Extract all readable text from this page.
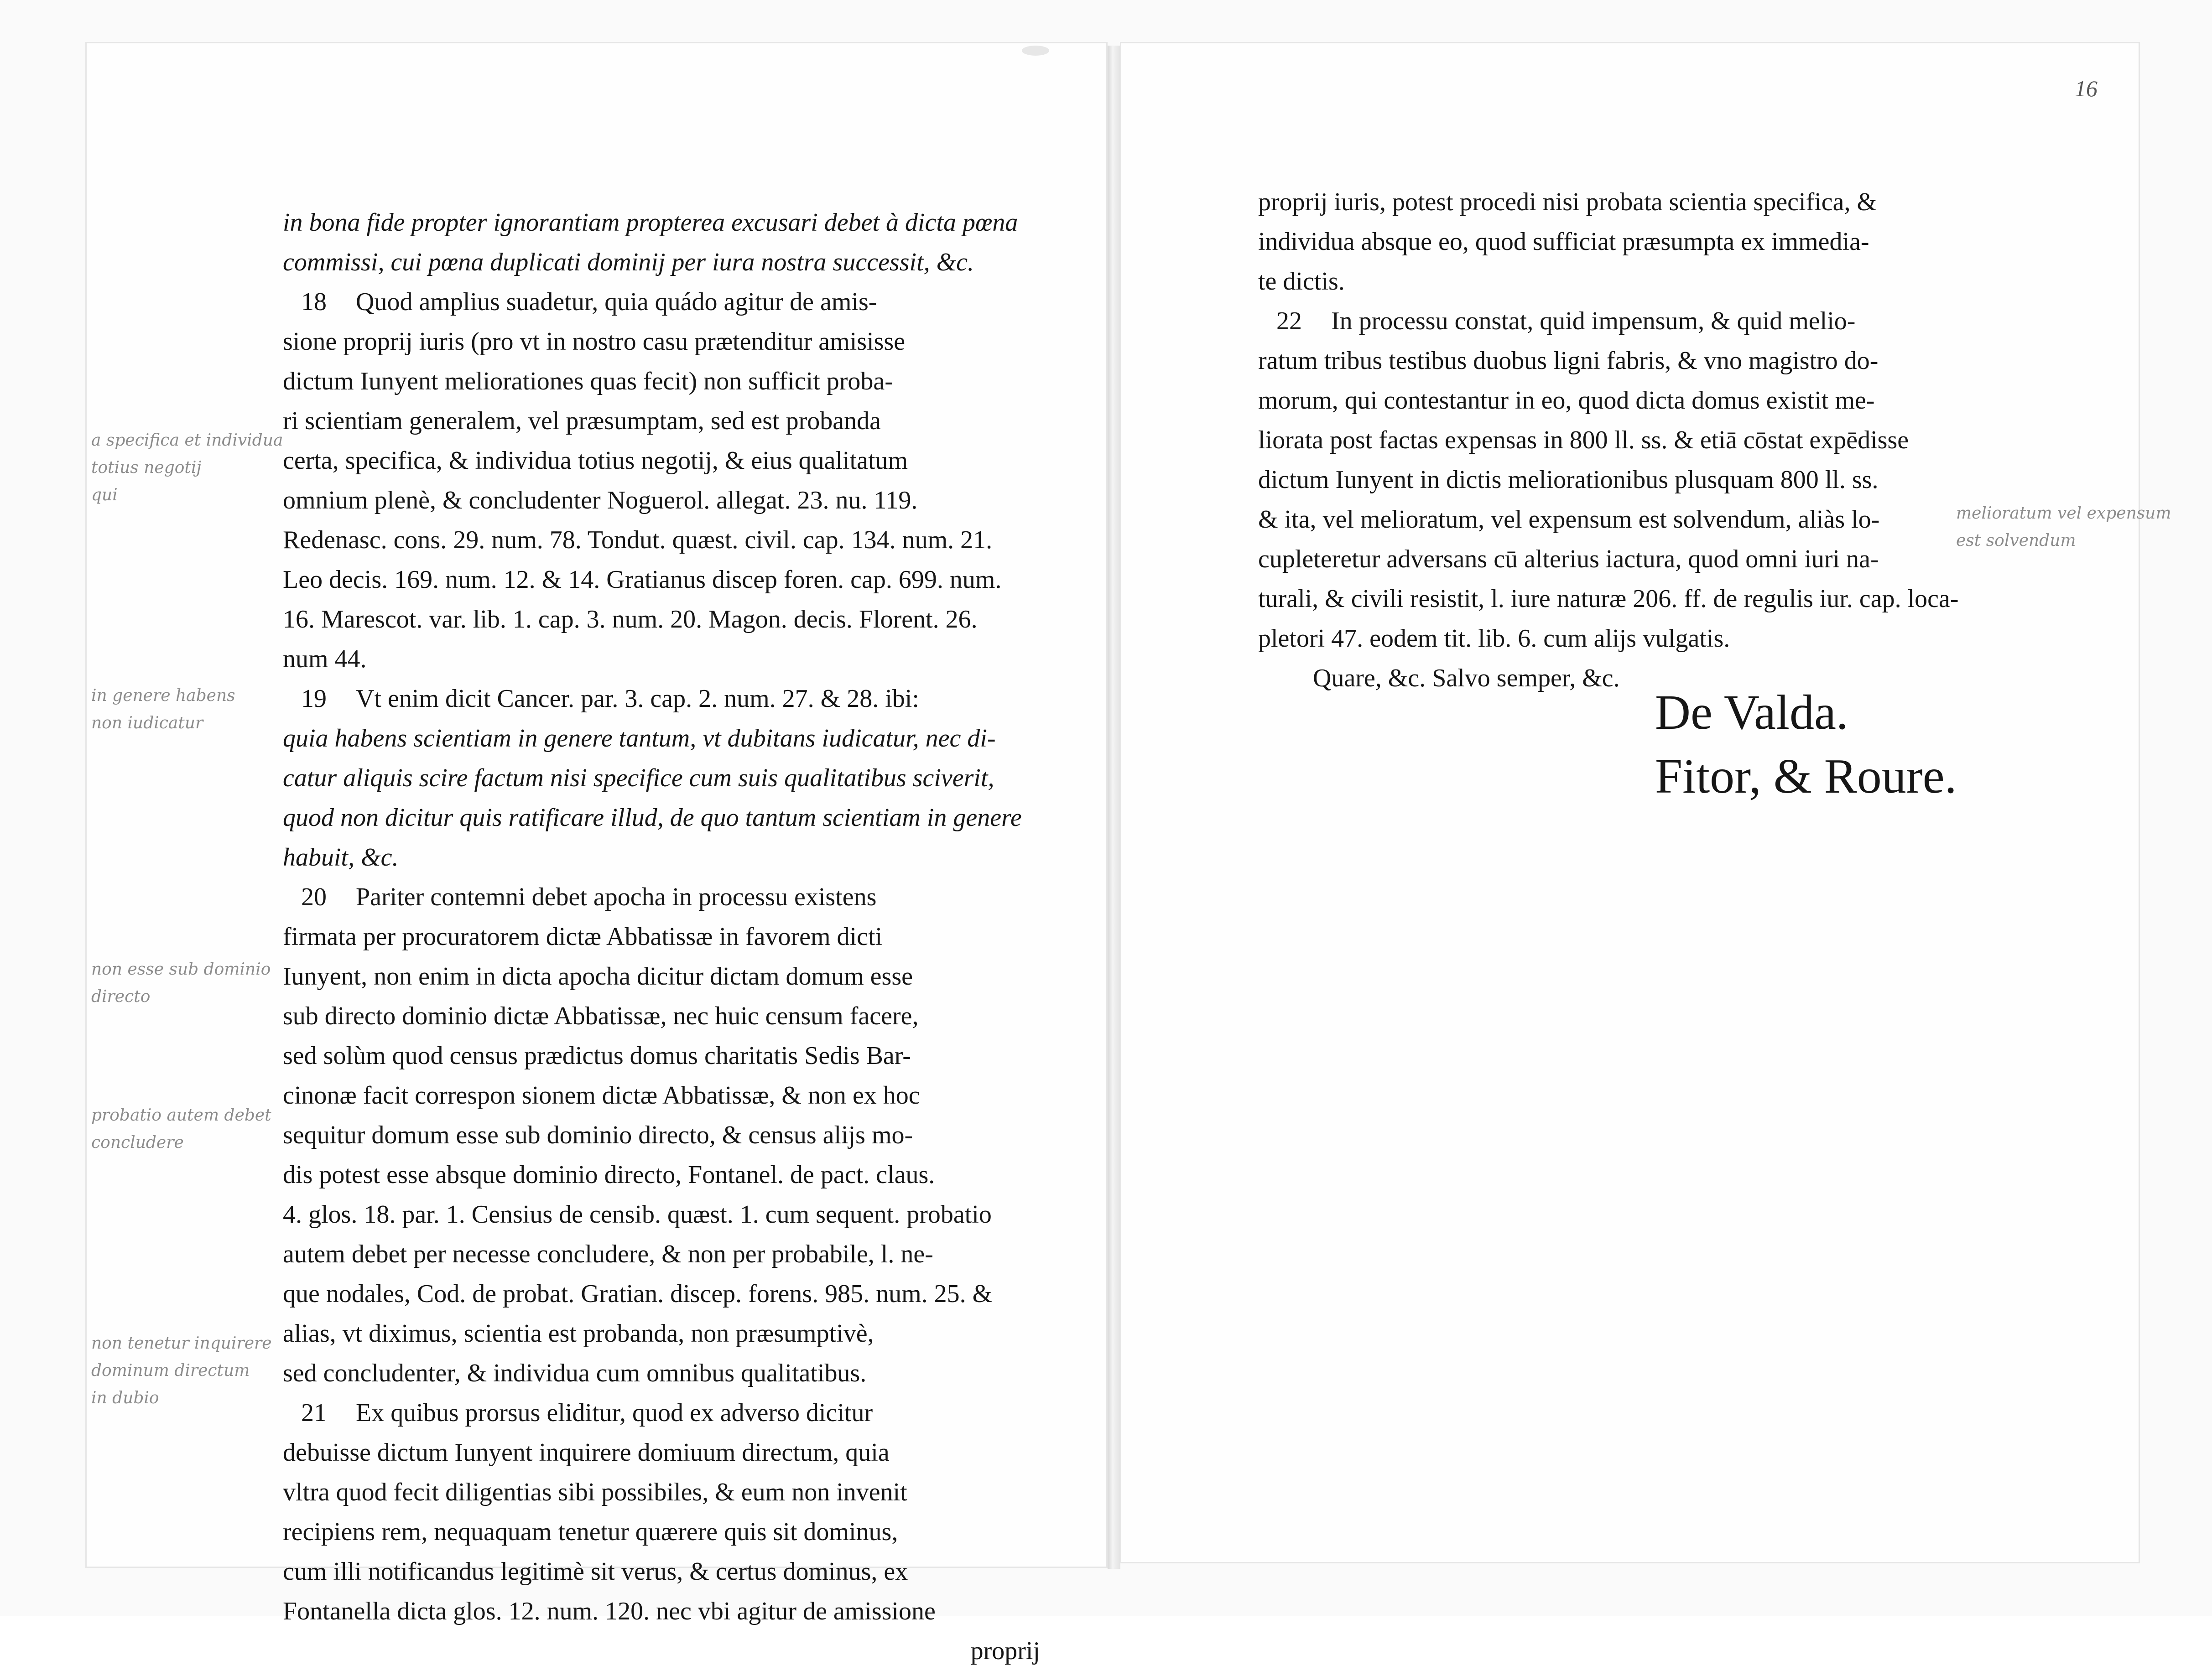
in bona fide propter ignorantiam propterea excusari debet à dicta pœna
commissi, cui pœna duplicati dominij per iura nostra successit, &c.
18 Quod amplius suadetur, quia quádo agitur de amis-
sione proprij iuris (pro vt in nostro casu prætenditur amisisse
dictum Iunyent meliorationes quas fecit) non sufficit proba-
ri scientiam generalem, vel præsumptam, sed est probanda
certa, specifica, & individua totius negotij, & eius qualitatum
omnium plenè, & concludenter Noguerol. allegat. 23. nu. 119.
Redenasc. cons. 29. num. 78. Tondut. quæst. civil. cap. 134. num. 21.
Leo decis. 169. num. 12. & 14. Gratianus discep foren. cap. 699. num.
16. Marescot. var. lib. 1. cap. 3. num. 20. Magon. decis. Florent. 26.
num 44.
19 Vt enim dicit Cancer. par. 3. cap. 2. num. 27. & 28. ibi:
quia habens scientiam in genere tantum, vt dubitans iudicatur, nec di-
catur aliquis scire factum nisi specifice cum suis qualitatibus sciverit,
quod non dicitur quis ratificare illud, de quo tantum scientiam in genere
habuit, &c.
20 Pariter contemni debet apocha in processu existens
firmata per procuratorem dictæ Abbatissæ in favorem dicti
Iunyent, non enim in dicta apocha dicitur dictam domum esse
sub directo dominio dictæ Abbatissæ, nec huic censum facere,
sed solùm quod census prædictus domus charitatis Sedis Bar-
cinonæ facit correspon sionem dictæ Abbatissæ, & non ex hoc
sequitur domum esse sub dominio directo, & census alijs mo-
dis potest esse absque dominio directo, Fontanel. de pact. claus.
4. glos. 18. par. 1. Censius de censib. quæst. 1. cum sequent. probatio
autem debet per necesse concludere, & non per probabile, l. ne-
que nodales, Cod. de probat. Gratian. discep. forens. 985. num. 25. &
alias, vt diximus, scientia est probanda, non præsumptivè,
sed concludenter, & individua cum omnibus qualitatibus.
21 Ex quibus prorsus eliditur, quod ex adverso dicitur
debuisse dictum Iunyent inquirere domiuum directum, quia
vltra quod fecit diligentias sibi possibiles, & eum non invenit
recipiens rem, nequaquam tenetur quærere quis sit dominus,
cum illi notificandus legitimè sit verus, & certus dominus, ex
Fontanella dicta glos. 12. num. 120. nec vbi agitur de amissione
proprij
a specifica et individua
totius negotij
qui
in genere habens
non iudicatur
non esse sub dominio
directo
probatio autem debet
concludere
non tenetur inquirere
dominum directum
in dubio
16
proprij iuris, potest procedi nisi probata scientia specifica, &
individua absque eo, quod sufficiat præsumpta ex immedia-
te dictis.
22 In processu constat, quid impensum, & quid melio-
ratum tribus testibus duobus ligni fabris, & vno magistro do-
morum, qui contestantur in eo, quod dicta domus existit me-
liorata post factas expensas in 800 ll. ss. & etiā cōstat expēdisse
dictum Iunyent in dictis meliorationibus plusquam 800 ll. ss.
& ita, vel melioratum, vel expensum est solvendum, aliàs lo-
cupleteretur adversans cū alterius iactura, quod omni iuri na-
turali, & civili resistit, l. iure naturæ 206. ff. de regulis iur. cap. loca-
pletori 47. eodem tit. lib. 6. cum alijs vulgatis.
Quare, &c. Salvo semper, &c.
De Valda.
Fitor, & Roure.
melioratum vel expensum
est solvendum
